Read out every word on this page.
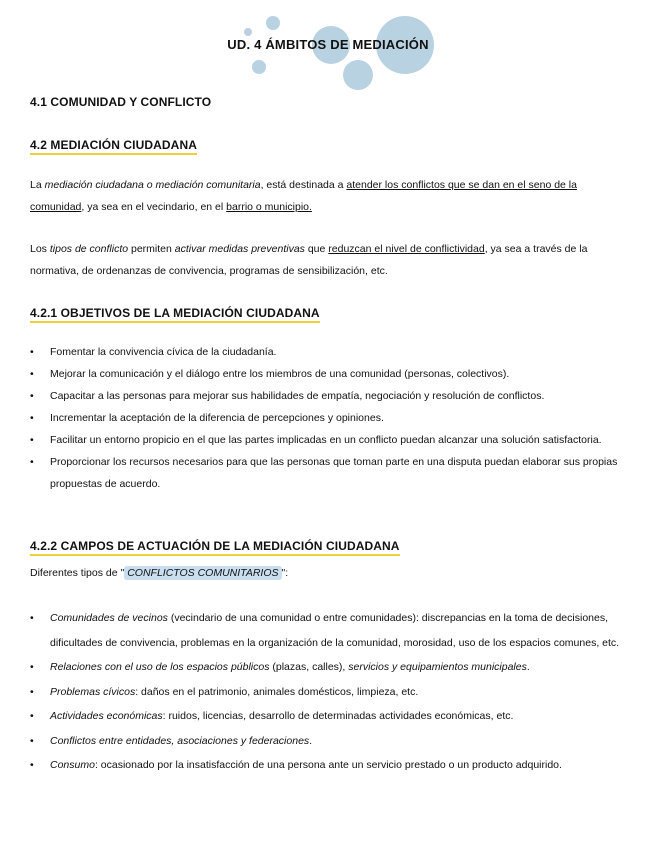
UD. 4 ÁMBITOS DE MEDIACIÓN
4.1 COMUNIDAD Y CONFLICTO
4.2 MEDIACIÓN CIUDADANA
La mediación ciudadana o mediación comunitaria, está destinada a atender los conflictos que se dan en el seno de la comunidad, ya sea en el vecindario, en el barrio o municipio.
Los tipos de conflicto permiten activar medidas preventivas que reduzcan el nivel de conflictividad, ya sea a través de la normativa, de ordenanzas de convivencia, programas de sensibilización, etc.
4.2.1 OBJETIVOS DE LA MEDIACIÓN CIUDADANA
• Fomentar la convivencia cívica de la ciudadanía.
• Mejorar la comunicación y el diálogo entre los miembros de una comunidad (personas, colectivos).
• Capacitar a las personas para mejorar sus habilidades de empatía, negociación y resolución de conflictos.
• Incrementar la aceptación de la diferencia de percepciones y opiniones.
• Facilitar un entorno propicio en el que las partes implicadas en un conflicto puedan alcanzar una solución satisfactoria.
• Proporcionar los recursos necesarios para que las personas que toman parte en una disputa puedan elaborar sus propias propuestas de acuerdo.
4.2.2 CAMPOS DE ACTUACIÓN DE LA MEDIACIÓN CIUDADANA
Diferentes tipos de " CONFLICTOS COMUNITARIOS ":
• Comunidades de vecinos (vecindario de una comunidad o entre comunidades): discrepancias en la toma de decisiones, dificultades de convivencia, problemas en la organización de la comunidad, morosidad, uso de los espacios comunes, etc.
• Relaciones con el uso de los espacios públicos (plazas, calles), servicios y equipamientos municipales.
• Problemas cívicos: daños en el patrimonio, animales domésticos, limpieza, etc.
• Actividades económicas: ruidos, licencias, desarrollo de determinadas actividades económicas, etc.
• Conflictos entre entidades, asociaciones y federaciones.
• Consumo: ocasionado por la insatisfacción de una persona ante un servicio prestado o un producto adquirido.
